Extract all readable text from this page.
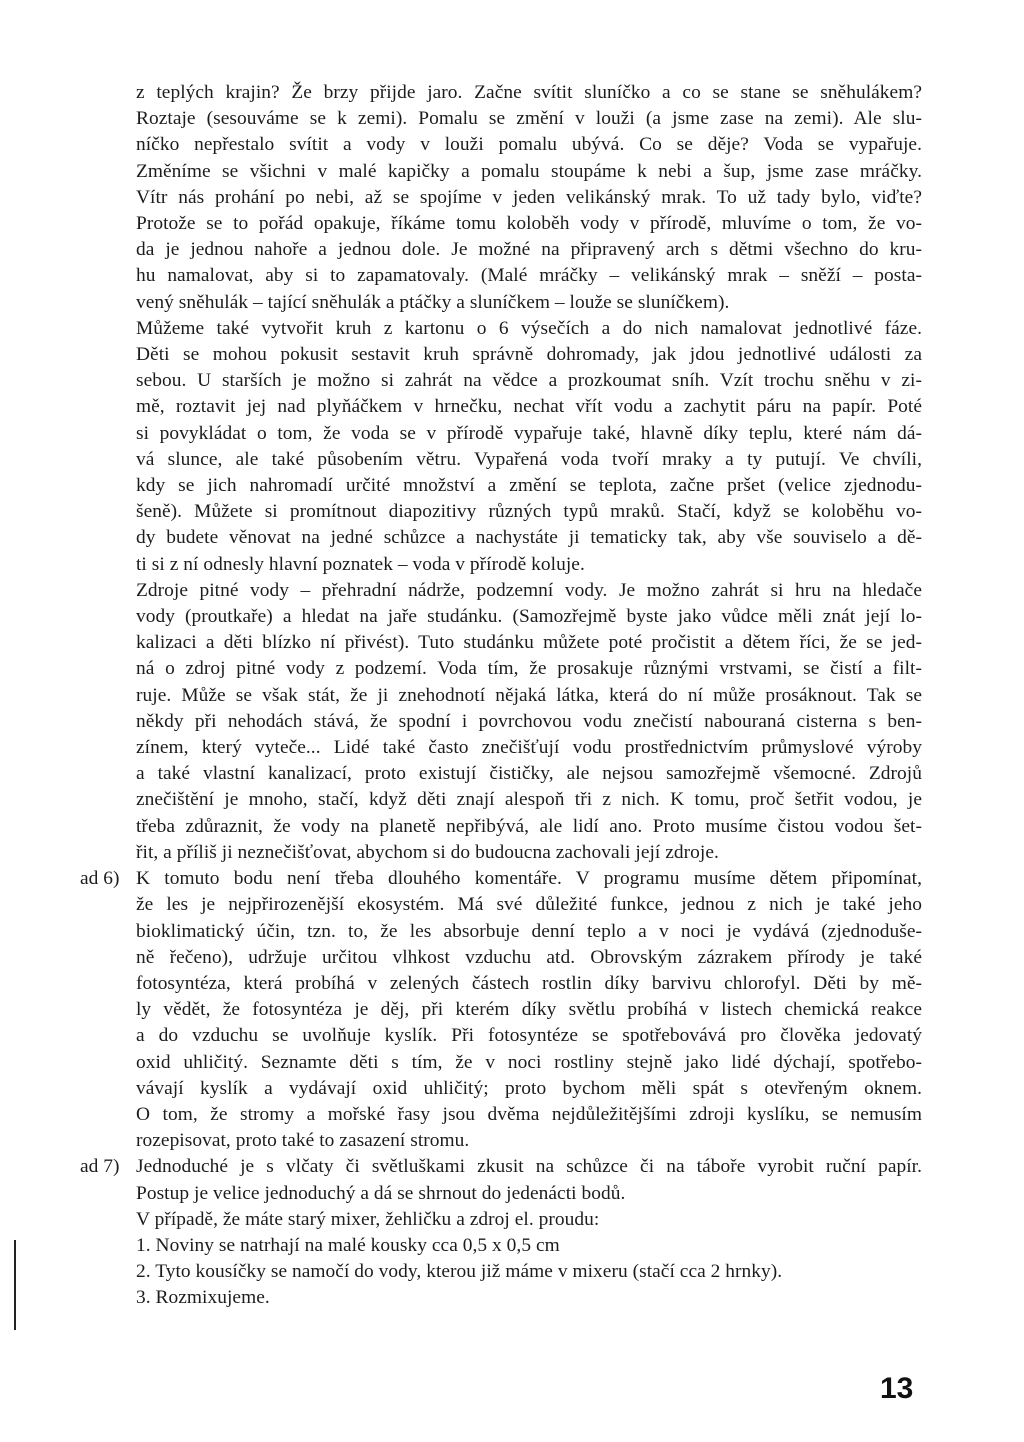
ad 6)
ad 7)
z teplých krajin? Že brzy přijde jaro. Začne svítit sluníčko a co se stane se sněhulákem?
Roztaje (sesouváme se k zemi). Pomalu se změní v louži (a jsme zase na zemi). Ale slu-
níčko nepřestalo svítit a vody v louži pomalu ubývá. Co se děje? Voda se vypařuje.
Změníme se všichni v malé kapičky a pomalu stoupáme k nebi a šup, jsme zase mráčky.
Vítr nás prohání po nebi, až se spojíme v jeden velikánský mrak. To už tady bylo, viďte?
Protože se to pořád opakuje, říkáme tomu koloběh vody v přírodě, mluvíme o tom, že vo-
da je jednou nahoře a jednou dole. Je možné na připravený arch s dětmi všechno do kru-
hu namalovat, aby si to zapamatovaly. (Malé mráčky – velikánský mrak – sněží – posta-
vený sněhulák – tající sněhulák a ptáčky a sluníčkem – louže se sluníčkem).
Můžeme také vytvořit kruh z kartonu o 6 výsečích a do nich namalovat jednotlivé fáze.
Děti se mohou pokusit sestavit kruh správně dohromady, jak jdou jednotlivé události za
sebou. U starších je možno si zahrát na vědce a prozkoumat sníh. Vzít trochu sněhu v zi-
mě, roztavit jej nad plyňáčkem v hrnečku, nechat vřít vodu a zachytit páru na papír. Poté
si povykládat o tom, že voda se v přírodě vypařuje také, hlavně díky teplu, které nám dá-
vá slunce, ale také působením větru. Vypařená voda tvoří mraky a ty putují. Ve chvíli,
kdy se jich nahromadí určité množství a změní se teplota, začne pršet (velice zjednodu-
šeně). Můžete si promítnout diapozitivy různých typů mraků. Stačí, když se koloběhu vo-
dy budete věnovat na jedné schůzce a nachystáte ji tematicky tak, aby vše souviselo a dě-
ti si z ní odnesly hlavní poznatek – voda v přírodě koluje.
Zdroje pitné vody – přehradní nádrže, podzemní vody. Je možno zahrát si hru na hledače
vody (proutkaře) a hledat na jaře studánku. (Samozřejmě byste jako vůdce měli znát její lo-
kalizaci a děti blízko ní přivést). Tuto studánku můžete poté pročistit a dětem říci, že se jed-
ná o zdroj pitné vody z podzemí. Voda tím, že prosakuje různými vrstvami, se čistí a filt-
ruje. Může se však stát, že ji znehodnotí nějaká látka, která do ní může prosáknout. Tak se
někdy při nehodách stává, že spodní i povrchovou vodu znečistí nabouraná cisterna s ben-
zínem, který vyteče... Lidé také často znečišťují vodu prostřednictvím průmyslové výroby
a také vlastní kanalizací, proto existují čističky, ale nejsou samozřejmě všemocné. Zdrojů
znečištění je mnoho, stačí, když děti znají alespoň tři z nich. K tomu, proč šetřit vodou, je
třeba zdůraznit, že vody na planetě nepřibývá, ale lidí ano. Proto musíme čistou vodou šet-
řit, a příliš ji neznečišťovat, abychom si do budoucna zachovali její zdroje.
K tomuto bodu není třeba dlouhého komentáře. V programu musíme dětem připomínat,
že les je nejpřirozenější ekosystém. Má své důležité funkce, jednou z nich je také jeho
bioklimatický účin, tzn. to, že les absorbuje denní teplo a v noci je vydává (zjednoduše-
ně řečeno), udržuje určitou vlhkost vzduchu atd. Obrovským zázrakem přírody je také
fotosyntéza, která probíhá v zelených částech rostlin díky barvivu chlorofyl. Děti by mě-
ly vědět, že fotosyntéza je děj, při kterém díky světlu probíhá v listech chemická reakce
a do vzduchu se uvolňuje kyslík. Při fotosyntéze se spotřebovává pro člověka jedovatý
oxid uhličitý. Seznamte děti s tím, že v noci rostliny stejně jako lidé dýchají, spotřebo-
vávají kyslík a vydávají oxid uhličitý; proto bychom měli spát s otevřeným oknem.
O tom, že stromy a mořské řasy jsou dvěma nejdůležitějšími zdroji kyslíku, se nemusím
rozepisovat, proto také to zasazení stromu.
Jednoduché je s vlčaty či světluškami zkusit na schůzce či na táboře vyrobit ruční papír.
Postup je velice jednoduchý a dá se shrnout do jedenácti bodů.
V případě, že máte starý mixer, žehličku a zdroj el. proudu:
1. Noviny se natrhají na malé kousky cca 0,5 x 0,5 cm
2. Tyto kousíčky se namočí do vody, kterou již máme v mixeru (stačí cca 2 hrnky).
3. Rozmixujeme.
13
